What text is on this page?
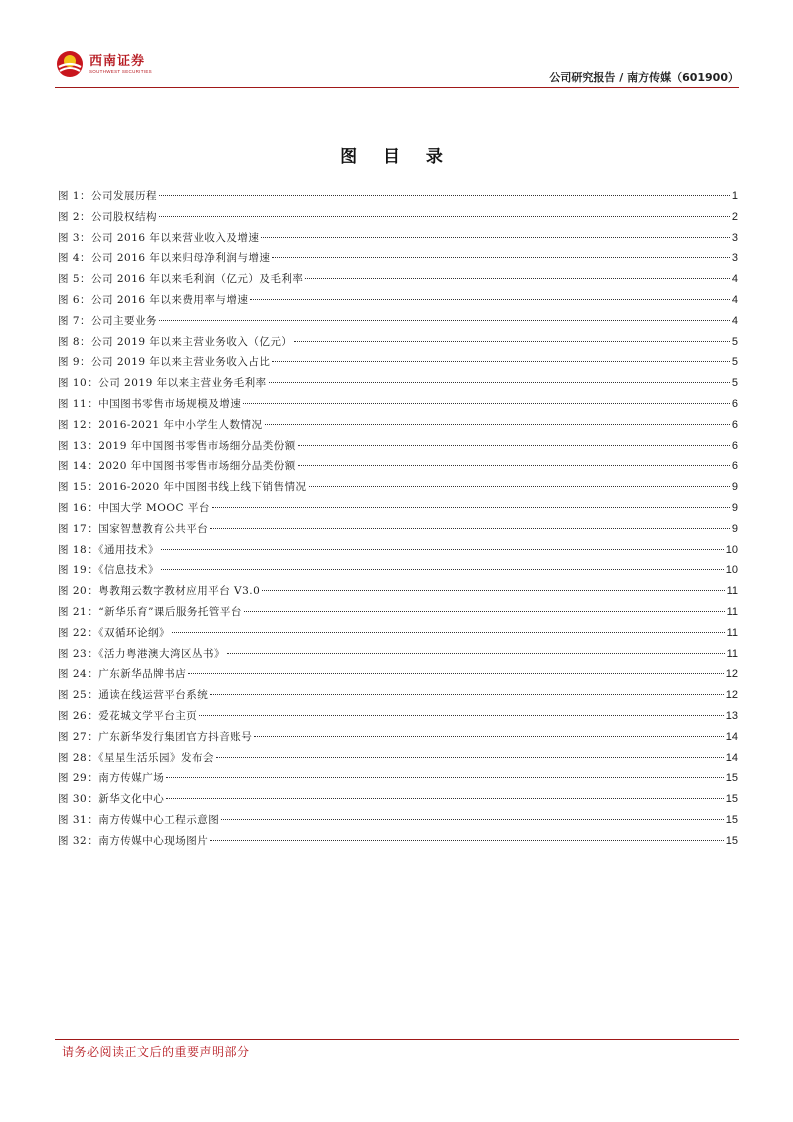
西南证券
SOUTHWEST SECURITIES	公司研究报告 / 南方传媒（601900）
图 目 录
图 1：公司发展历程	1
图 2：公司股权结构	2
图 3：公司 2016 年以来营业收入及增速	3
图 4：公司 2016 年以来归母净利润与增速	3
图 5：公司 2016 年以来毛利润（亿元）及毛利率	4
图 6：公司 2016 年以来费用率与增速	4
图 7：公司主要业务	4
图 8：公司 2019 年以来主营业务收入（亿元）	5
图 9：公司 2019 年以来主营业务收入占比	5
图 10：公司 2019 年以来主营业务毛利率	5
图 11：中国图书零售市场规模及增速	6
图 12：2016-2021 年中小学生人数情况	6
图 13：2019 年中国图书零售市场细分品类份额	6
图 14：2020 年中国图书零售市场细分品类份额	6
图 15：2016-2020 年中国图书线上线下销售情况	9
图 16：中国大学 MOOC 平台	9
图 17：国家智慧教育公共平台	9
图 18：《通用技术》	10
图 19：《信息技术》	10
图 20：粤教翔云数字教材应用平台 V3.0	11
图 21：“新华乐育”课后服务托管平台	11
图 22：《双循环论纲》	11
图 23：《活力粤港澳大湾区丛书》	11
图 24：广东新华品牌书店	12
图 25：通读在线运营平台系统	12
图 26：爱花城文学平台主页	13
图 27：广东新华发行集团官方抖音账号	14
图 28：《星星生活乐园》发布会	14
图 29：南方传媒广场	15
图 30：新华文化中心	15
图 31：南方传媒中心工程示意图	15
图 32：南方传媒中心现场图片	15
请务必阅读正文后的重要声明部分
